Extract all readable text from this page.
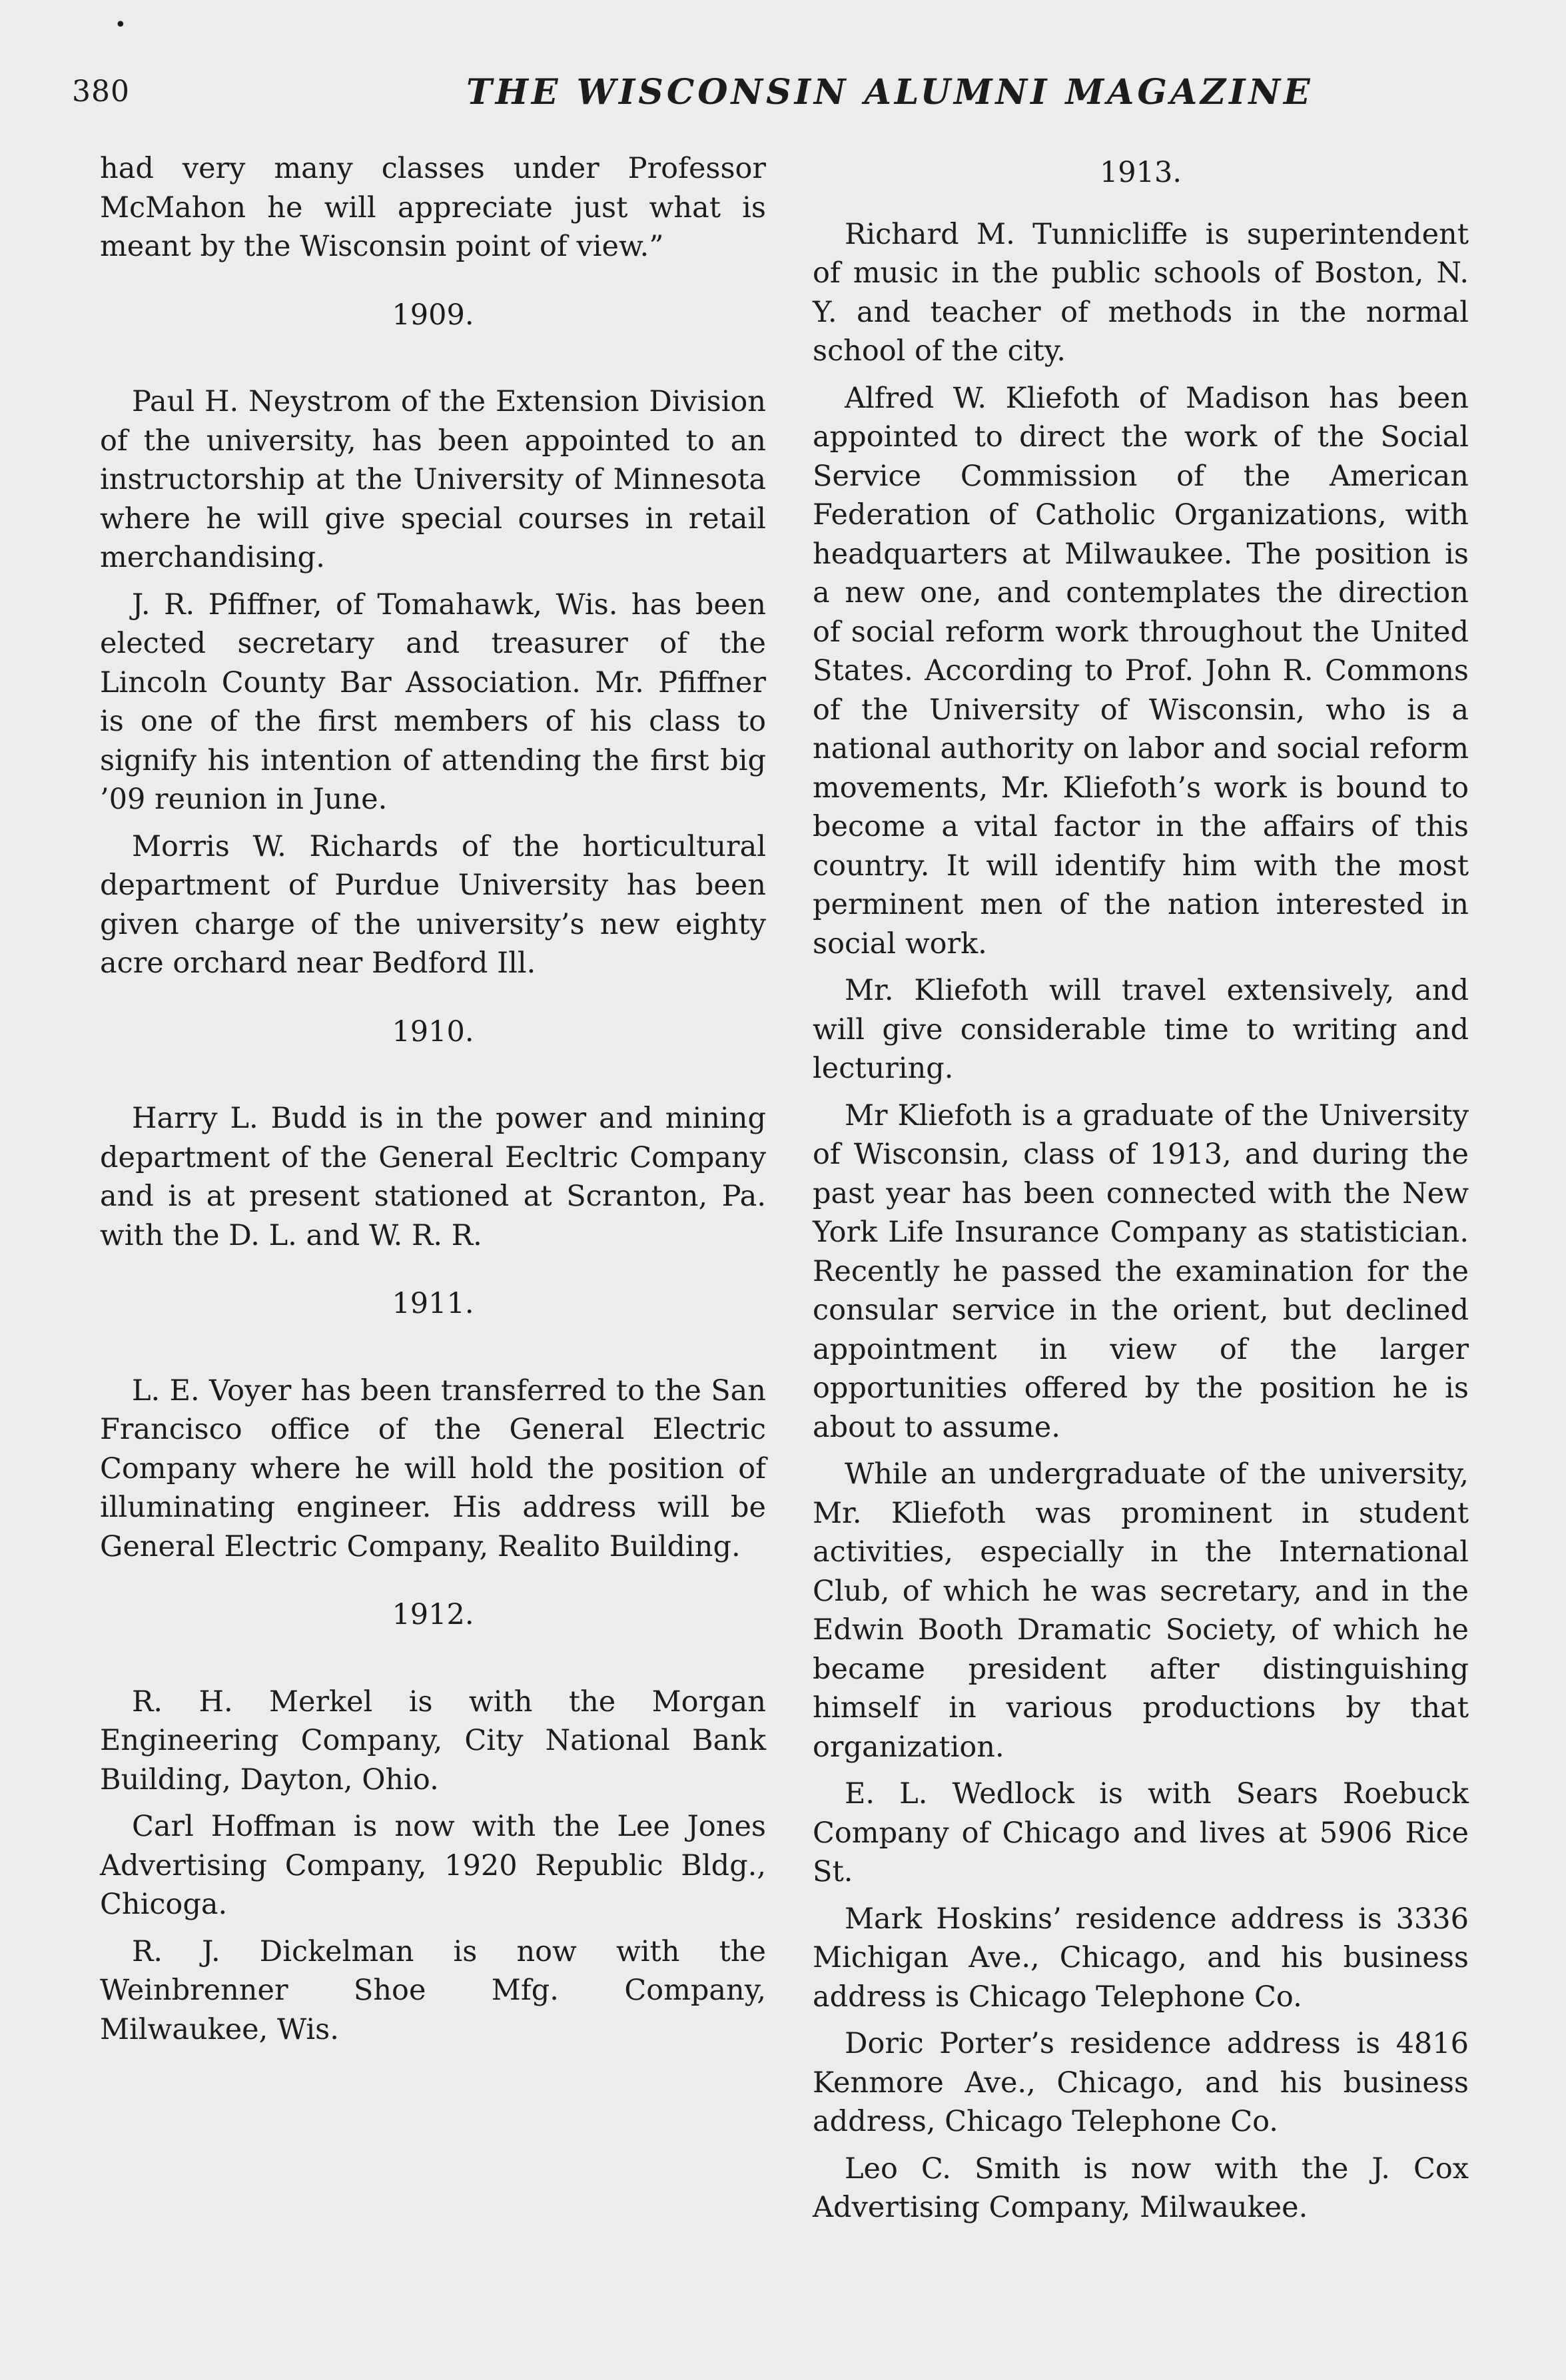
•
380	THE WISCONSIN ALUMNI MAGAZINE

had very many classes under Professor McMahon he will appreciate just what is meant by the Wisconsin point of view.”

1909.

Paul H. Neystrom of the Extension Division of the university, has been appointed to an instructorship at the University of Minnesota where he will give special courses in retail merchandising.

J. R. Pfiffner, of Tomahawk, Wis. has been elected secretary and treasurer of the Lincoln County Bar Association. Mr. Pfiffner is one of the first members of his class to signify his intention of attending the first big ’09 reunion in June.

Morris W. Richards of the horticultural department of Purdue University has been given charge of the university’s new eighty acre orchard near Bedford Ill.

1910.

Harry L. Budd is in the power and mining department of the General Eecltric Company and is at present stationed at Scranton, Pa. with the D. L. and W. R. R.

1911.

L. E. Voyer has been transferred to the San Francisco office of the General Electric Company where he will hold the position of illuminating engineer. His address will be General Electric Company, Realito Building.

1912.

R. H. Merkel is with the Morgan Engineering Company, City National Bank Building, Dayton, Ohio.

Carl Hoffman is now with the Lee Jones Advertising Company, 1920 Republic Bldg., Chicoga.

R. J. Dickelman is now with the Weinbrenner Shoe Mfg. Company, Milwaukee, Wis.

1913.

Richard M. Tunnicliffe is superintendent of music in the public schools of Boston, N. Y. and teacher of methods in the normal school of the city.

Alfred W. Kliefoth of Madison has been appointed to direct the work of the Social Service Commission of the American Federation of Catholic Organizations, with headquarters at Milwaukee. The position is a new one, and contemplates the direction of social reform work throughout the United States. According to Prof. John R. Commons of the University of Wisconsin, who is a national authority on labor and social reform movements, Mr. Kliefoth’s work is bound to become a vital factor in the affairs of this country. It will identify him with the most perminent men of the nation interested in social work.

Mr. Kliefoth will travel extensively, and will give considerable time to writing and lecturing.

Mr Kliefoth is a graduate of the University of Wisconsin, class of 1913, and during the past year has been connected with the New York Life Insurance Company as statistician. Recently he passed the examination for the consular service in the orient, but declined appointment in view of the larger opportunities offered by the position he is about to assume.

While an undergraduate of the university, Mr. Kliefoth was prominent in student activities, especially in the International Club, of which he was secretary, and in the Edwin Booth Dramatic Society, of which he became president after distinguishing himself in various productions by that organization.

E. L. Wedlock is with Sears Roebuck Company of Chicago and lives at 5906 Rice St.

Mark Hoskins’ residence address is 3336 Michigan Ave., Chicago, and his business address is Chicago Telephone Co.

Doric Porter’s residence address is 4816 Kenmore Ave., Chicago, and his business address, Chicago Telephone Co.

Leo C. Smith is now with the J. Cox Advertising Company, Milwaukee.
